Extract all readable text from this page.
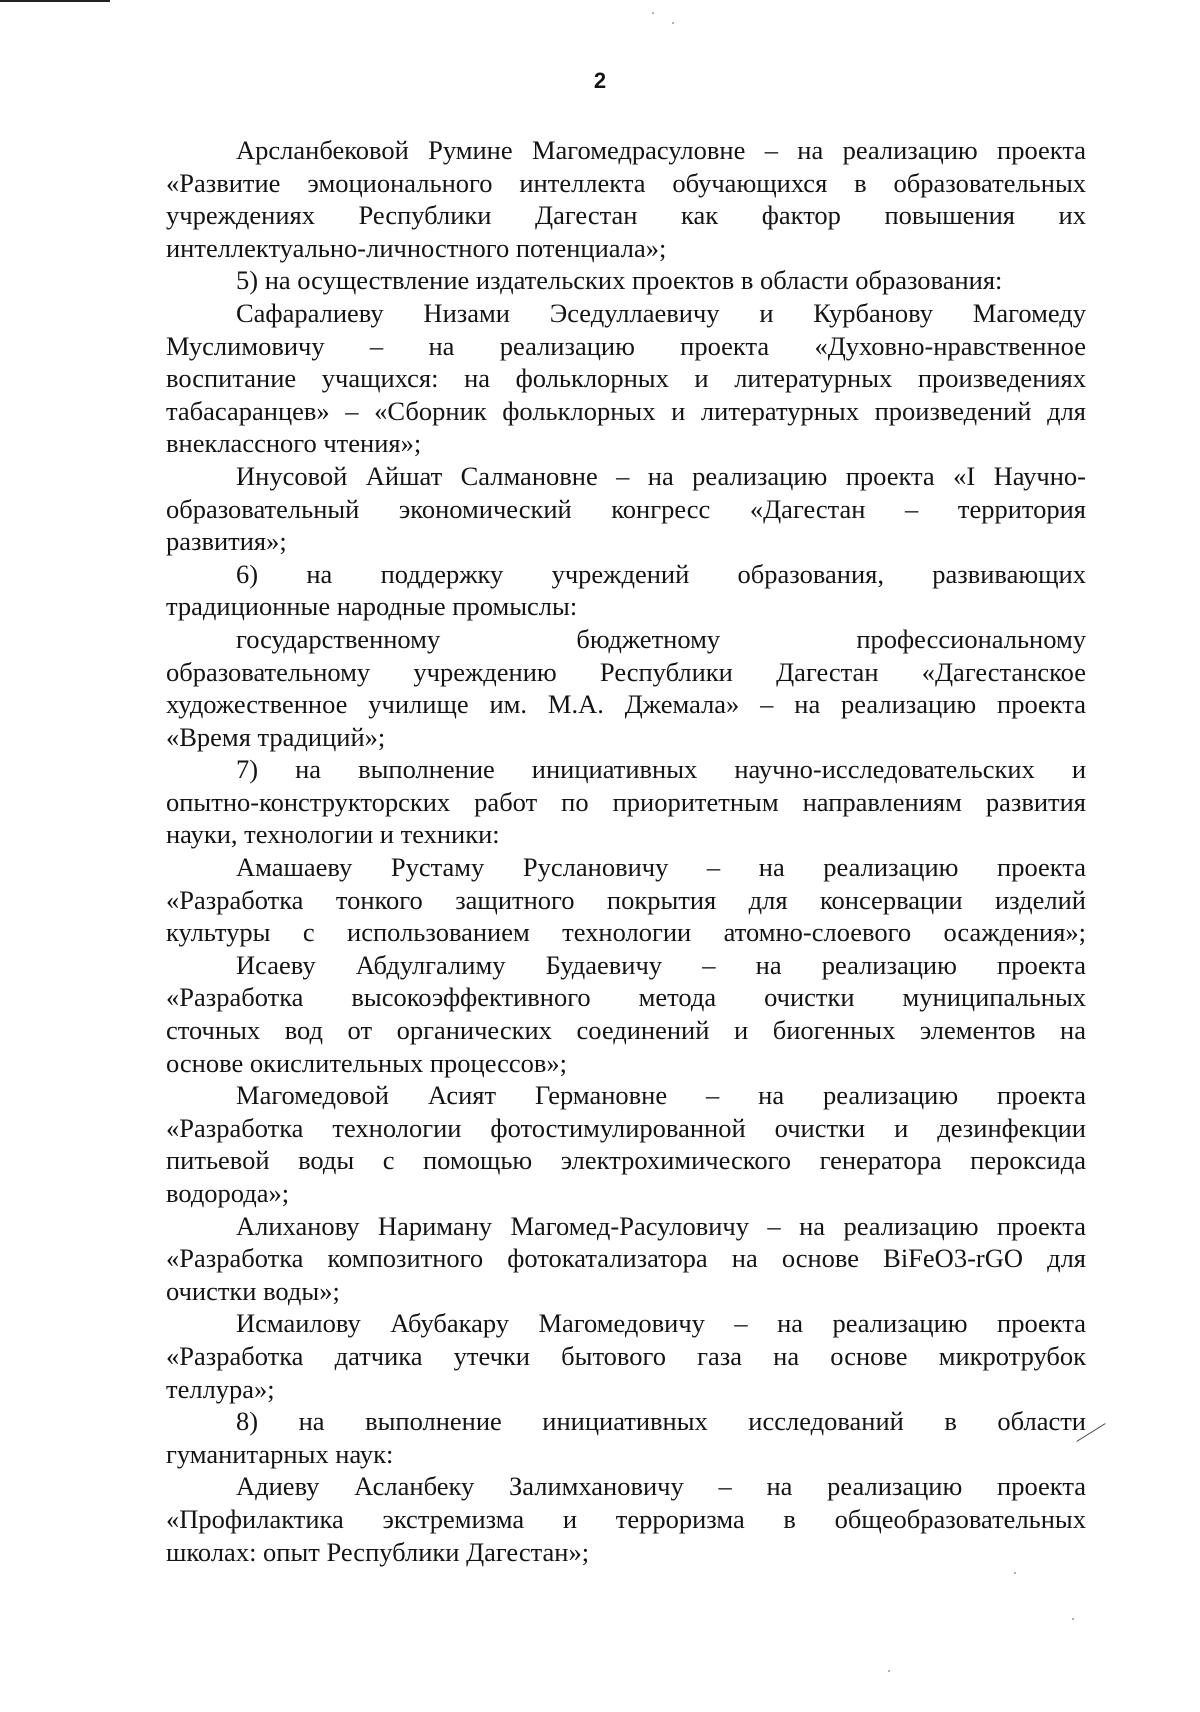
2
Арсланбековой Румине Магомедрасуловне – на реализацию проекта
«Развитие эмоционального интеллекта обучающихся в образовательных
учреждениях Республики Дагестан как фактор повышения их
интеллектуально-личностного потенциала»;
5) на осуществление издательских проектов в области образования:
Сафаралиеву Низами Эседуллаевичу и Курбанову Магомеду
Муслимовичу – на реализацию проекта «Духовно-нравственное
воспитание учащихся: на фольклорных и литературных произведениях
табасаранцев» – «Сборник фольклорных и литературных произведений для
внеклассного чтения»;
Инусовой Айшат Салмановне – на реализацию проекта «I Научно-
образовательный экономический конгресс «Дагестан – территория
развития»;
6) на поддержку учреждений образования, развивающих
традиционные народные промыслы:
государственному бюджетному профессиональному
образовательному учреждению Республики Дагестан «Дагестанское
художественное училище им. М.А. Джемала» – на реализацию проекта
«Время традиций»;
7) на выполнение инициативных научно-исследовательских и
опытно-конструкторских работ по приоритетным направлениям развития
науки, технологии и техники:
Амашаеву Рустаму Руслановичу – на реализацию проекта
«Разработка тонкого защитного покрытия для консервации изделий
культуры с использованием технологии атомно-слоевого осаждения»;
Исаеву Абдулгалиму Будаевичу – на реализацию проекта
«Разработка высокоэффективного метода очистки муниципальных
сточных вод от органических соединений и биогенных элементов на
основе окислительных процессов»;
Магомедовой Асият Германовне – на реализацию проекта
«Разработка технологии фотостимулированной очистки и дезинфекции
питьевой воды с помощью электрохимического генератора пероксида
водорода»;
Алиханову Нариману Магомед-Расуловичу – на реализацию проекта
«Разработка композитного фотокатализатора на основе BiFeO3-rGO для
очистки воды»;
Исмаилову Абубакару Магомедовичу – на реализацию проекта
«Разработка датчика утечки бытового газа на основе микротрубок
теллура»;
8) на выполнение инициативных исследований в области
гуманитарных наук:
Адиеву Асланбеку Залимхановичу – на реализацию проекта
«Профилактика экстремизма и терроризма в общеобразовательных
школах: опыт Республики Дагестан»;
